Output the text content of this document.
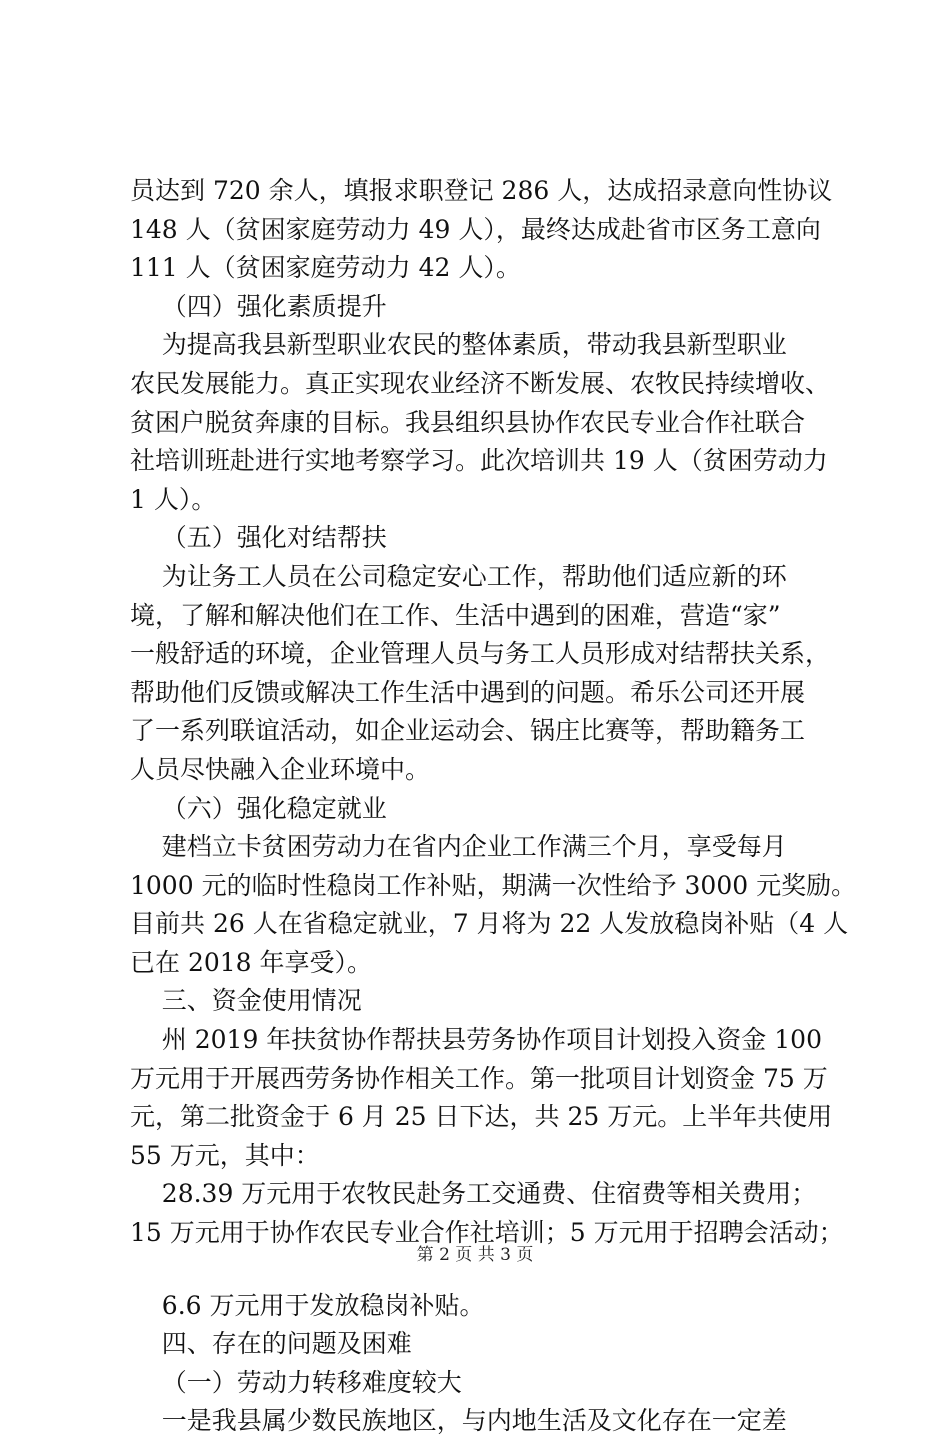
员达到 720 余人，填报求职登记 286 人，达成招录意向性协议
148 人（贫困家庭劳动力 49 人），最终达成赴省市区务工意向
111 人（贫困家庭劳动力 42 人）。
（四）强化素质提升
为提高我县新型职业农民的整体素质，带动我县新型职业
农民发展能力。真正实现农业经济不断发展、农牧民持续增收、
贫困户脱贫奔康的目标。我县组织县协作农民专业合作社联合
社培训班赴进行实地考察学习。此次培训共 19 人（贫困劳动力
1 人）。
（五）强化对结帮扶
为让务工人员在公司稳定安心工作，帮助他们适应新的环
境，了解和解决他们在工作、生活中遇到的困难，营造“家”
一般舒适的环境，企业管理人员与务工人员形成对结帮扶关系，
帮助他们反馈或解决工作生活中遇到的问题。希乐公司还开展
了一系列联谊活动，如企业运动会、锅庄比赛等，帮助籍务工
人员尽快融入企业环境中。
（六）强化稳定就业
建档立卡贫困劳动力在省内企业工作满三个月，享受每月
1000 元的临时性稳岗工作补贴，期满一次性给予 3000 元奖励。
目前共 26 人在省稳定就业，7 月将为 22 人发放稳岗补贴（4 人
已在 2018 年享受）。
三、资金使用情况
州 2019 年扶贫协作帮扶县劳务协作项目计划投入资金 100
万元用于开展西劳务协作相关工作。第一批项目计划资金 75 万
元，第二批资金于 6 月 25 日下达，共 25 万元。上半年共使用
55 万元，其中：
28.39 万元用于农牧民赴务工交通费、住宿费等相关费用；
15 万元用于协作农民专业合作社培训；5 万元用于招聘会活动；
6.6 万元用于发放稳岗补贴。
四、存在的问题及困难
（一）劳动力转移难度较大
一是我县属少数民族地区，与内地生活及文化存在一定差
第 2 页 共 3 页
